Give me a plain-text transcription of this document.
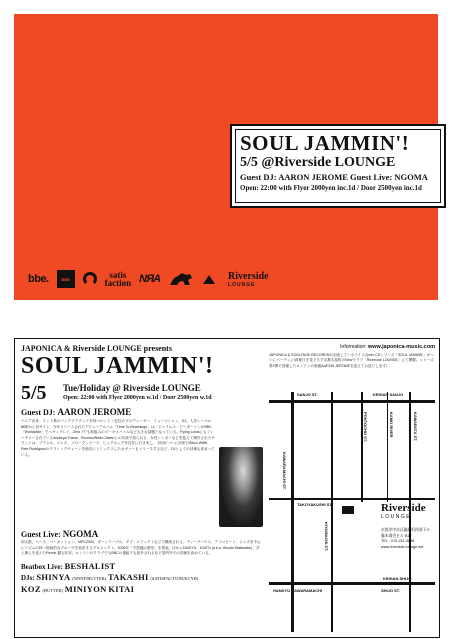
SOUL JAMMIN'!
5/5 @Riverside LOUNGE
Guest DJ: AARON JEROME Guest Live: NGOMA
Open: 22:00 with Flyer 2000yen inc.1d / Door 2500yen inc.1d
bbe.	BBE	satis
faction NЯA	Riverside
LOUNGE
JAPONICA & Riverside LOUNGE presents
SOUL JAMMIN'!
5/5	Tue/Holiday @ Riverside LOUNGE
Open: 22:00 with Flyer 2000yen w.1d / Door 2500yen w.1d
Guest DJ: AARON JEROME

ナニア出身、インド系のバックグラウンドを持つロンドン在住のプロデューサー、ミュージシャン、DJ。人気レーベルBBEから初サイン、今年リリースされたデビューアルバム「Time To Rearrange」は、ジャイルス・ピーターソンがBBC「Worldwide」でヘヴィプレイ、Zero 7でも取組みのツーキャバトルなど大きな話題となっている。Flying LotusにもフィーチャーされているAndreya Triana、Bonobo/Nikki Citizenとの共演で知られる、女性シンガーなどを迎えて制作されたサウンドは、ブラジル、ジャズ、ブロークンビーツ、ヒップホップを自在に行き来し、今回がついに初来日!Nicci Willis、Pete Rodriguezのクラシックチューンを独自にリミックスしたカヴァーもリリースするなど、DJとしての評価も高まっている。

Guest Live: NGOMA

和太鼓、ベース、パーカッション、MPC2000、ターンテーブル、ダブ・エフェクトなどで構成される、ディープハウス、アフロビート、ジャズを中心にリズムの持つ原始的なグルーヴを追求するプロジェクト。2005年「不思議の歴史」を発表。ほかにDAIKYU、KAITO (a.k.a. Hiroshi Watanabe)、井上薫らを迎えたRemix 盤も好評。ロンドンのクラブでもBBCの番組でも紹介されるなど国内外での評価を高めている。

Beatbox Live: BESHALIST
DJs: SHINYA (NNNF/BUTTER) TAKASHI (SATISFACTION/KCYB)
KOZ (BUTTER) MINIYON KITAI
Information: www.japonica-music.com

JAPONICA & SOULTAGE RECORDSが企画しているナイスなmix CDシリーズ「SOUL JAMMIN'」がついにパーティに!真夏日を見下ろす京都木屋町のNewクラブ「Riverside LOUNGE」にて開催。シリーズ第2弾で登場したロンドンの新鋭AARON JEROMEを迎えてお送りします!

SANJO ST.	KEIHAN SANJO
PONTOCHO ST.	KAMO RIVER	KAWABATA ST.
KAWARAMACHI ST.
TAKOYAKUSHI ST.
KIYAMACHI ST.
HANKYU KAWARAMACHI	SHIJO ST.
KEIHAN SHIJO
Riverside
LOUNGE
京都市中京区鍋屋町四条下ル
藤本商会ビル B1F
TEL : 075-211-4898
www.riverside-lounge.net
